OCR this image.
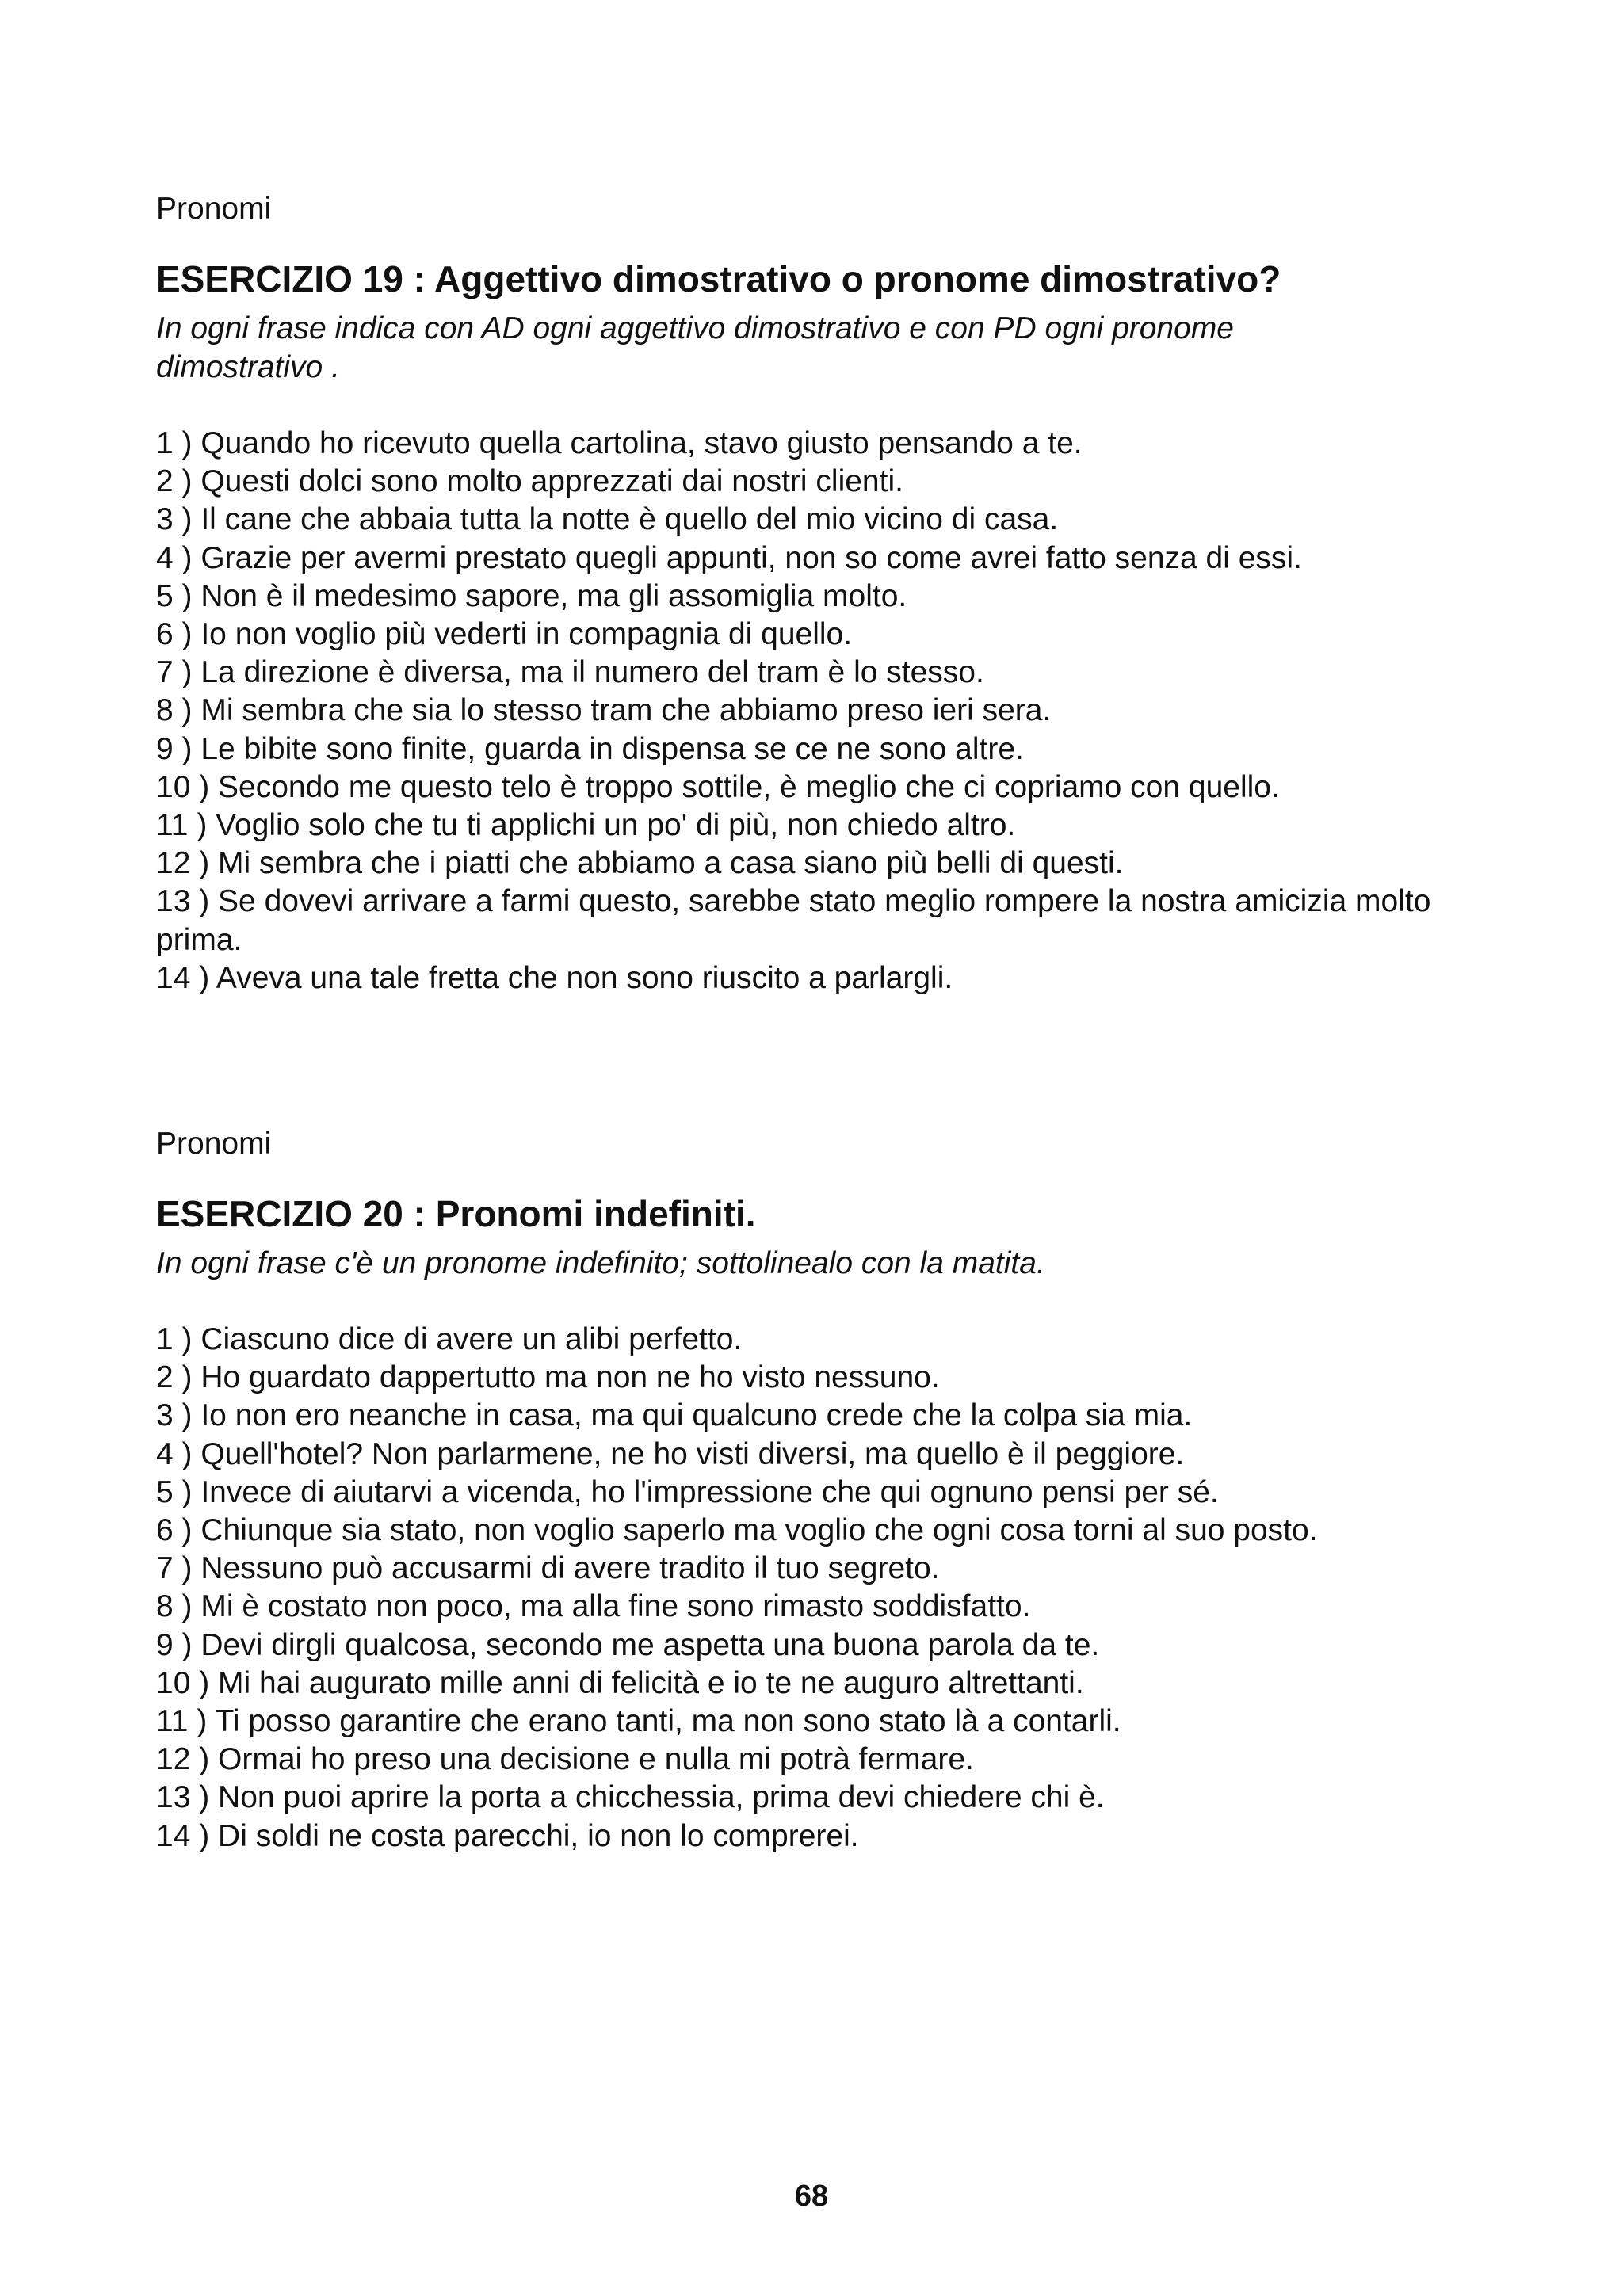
Pronomi

ESERCIZIO 19 : Aggettivo dimostrativo o pronome dimostrativo?

In ogni frase indica con AD ogni aggettivo dimostrativo e con PD ogni pronome dimostrativo .

1 ) Quando ho ricevuto quella cartolina, stavo giusto pensando a te.
2 ) Questi dolci sono molto apprezzati dai nostri clienti.
3 ) Il cane che abbaia tutta la notte è quello del mio vicino di casa.
4 ) Grazie per avermi prestato quegli appunti, non so come avrei fatto senza di essi.
5 ) Non è il medesimo sapore, ma gli assomiglia molto.
6 ) Io non voglio più vederti in compagnia di quello.
7 ) La direzione è diversa, ma il numero del tram è lo stesso.
8 ) Mi sembra che sia lo stesso tram che abbiamo preso ieri sera.
9 ) Le bibite sono finite, guarda in dispensa se ce ne sono altre.
10 ) Secondo me questo telo è troppo sottile, è meglio che ci copriamo con quello.
11 ) Voglio solo che tu ti applichi un po' di più, non chiedo altro.
12 ) Mi sembra che i piatti che abbiamo a casa siano più belli di questi.
13 ) Se dovevi arrivare a farmi questo, sarebbe stato meglio rompere la nostra amicizia molto prima.
14 ) Aveva una tale fretta che non sono riuscito a parlargli.

Pronomi

ESERCIZIO 20 : Pronomi indefiniti.

In ogni frase c'è un pronome indefinito; sottolinealo con la matita.

1 ) Ciascuno dice di avere un alibi perfetto.
2 ) Ho guardato dappertutto ma non ne ho visto nessuno.
3 ) Io non ero neanche in casa, ma qui qualcuno crede che la colpa sia mia.
4 ) Quell'hotel? Non parlarmene, ne ho visti diversi, ma quello è il peggiore.
5 ) Invece di aiutarvi a vicenda, ho l'impressione che qui ognuno pensi per sé.
6 ) Chiunque sia stato, non voglio saperlo ma voglio che ogni cosa torni al suo posto.
7 ) Nessuno può accusarmi di avere tradito il tuo segreto.
8 ) Mi è costato non poco, ma alla fine sono rimasto soddisfatto.
9 ) Devi dirgli qualcosa, secondo me aspetta una buona parola da te.
10 ) Mi hai augurato mille anni di felicità e io te ne auguro altrettanti.
11 ) Ti posso garantire che erano tanti, ma non sono stato là a contarli.
12 ) Ormai ho preso una decisione e nulla mi potrà fermare.
13 ) Non puoi aprire la porta a chicchessia, prima devi chiedere chi è.
14 ) Di soldi ne costa parecchi, io non lo comprerei.
68
